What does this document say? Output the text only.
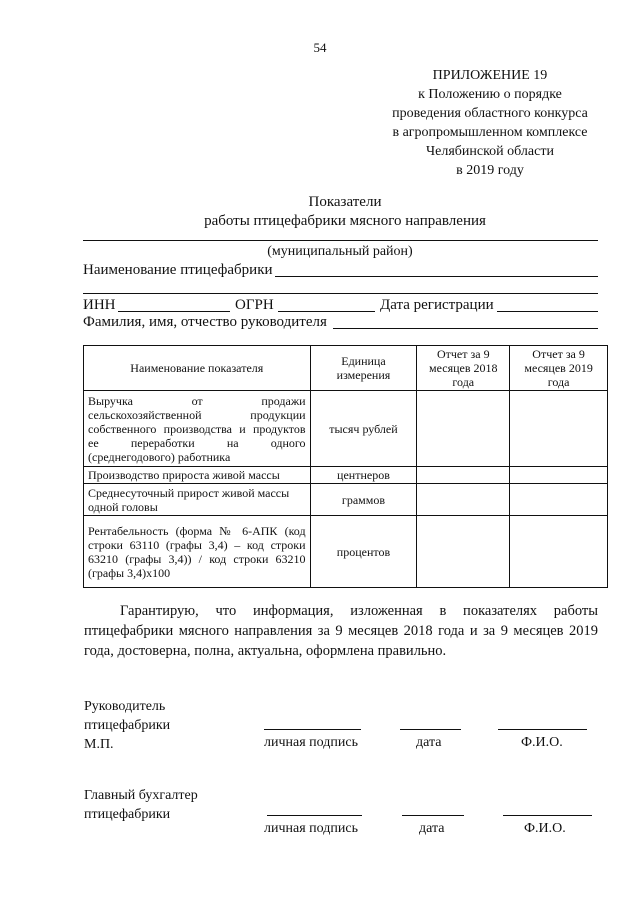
54
ПРИЛОЖЕНИЕ 19
к Положению о порядке
проведения областного конкурса
в агропромышленном комплексе
Челябинской области
в 2019 году
Показатели
работы птицефабрики мясного направления
(муниципальный район)
Наименование птицефабрики
ИНН	ОГРН	Дата регистрации
Фамилия, имя, отчество руководителя
Наименование показателя	Единица измерения	Отчет за 9 месяцев 2018 года	Отчет за 9 месяцев 2019 года
Выручка от продажи сельскохозяйственной продукции собственного производства и продуктов ее переработки на одного (среднегодового) работника	тысяч рублей		
Производство прироста живой массы	центнеров		
Среднесуточный прирост живой массы одной головы	граммов		
Рентабельность (форма № 6-АПК (код строки 63110 (графы 3,4) – код строки 63210 (графы 3,4)) / код строки 63210 (графы 3,4)x100	процентов		
Гарантирую, что информация, изложенная в показателях работы птицефабрики мясного направления за 9 месяцев 2018 года и за 9 месяцев 2019 года, достоверна, полна, актуальна, оформлена правильно.
Руководитель
птицефабрики
М.П.	личная подпись	дата	Ф.И.О.
Главный бухгалтер
птицефабрики
личная подпись	дата	Ф.И.О.
